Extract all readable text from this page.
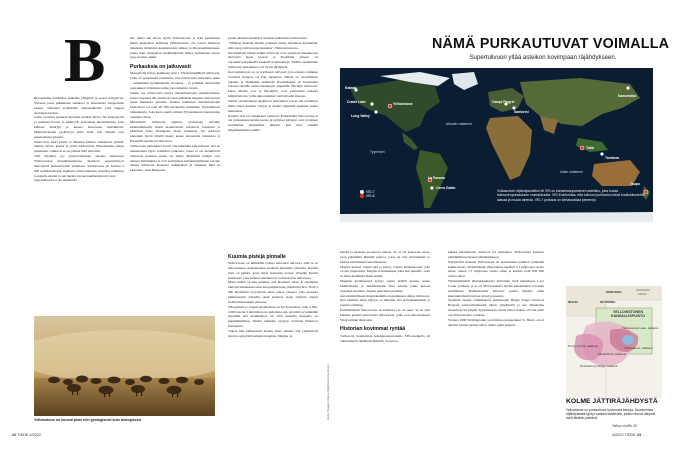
B

Bisonilauma tömistelee laakealla ylängöllä ja nostaa pölypilven. Vieressä jossa puhkutelee saukkoja ja maastamaa tamppaisten kanssa. Tuhannet syöksähtää vulkaapilkoitta, joka nappaa aterialiseen kalan.

Joelle on tullut juomaan myöskin ulokkin hirvia. Ne keskeytyvät ja asemaan koossa ja kääntyvät katsomaan biisonilaumaa, joka kulkasa mäntyjä ja kuusia kasvavaan metsikköön. Männyntoksulle pysähtyvyt pöllö aisiit, että biisonit ovat pakenemassa joistain.

Sitten maa alkaa järistä ja läheinen kuuluu voimakasta jylinää. Saukot, hirvet, korkat ja pöllöt karkottavat. Biisonilauma jatkaa juoksuaan, vaikka se ei ole päässä mitä tarkoitan.

Tätä näyttäisi, jos yhdysvaltalaisen alueella sijaitsevan Yellowstonen kansallispuistossa sijaitseva supertulivuori aktivoituisi purkautuvaksi uudelleen. Jouluvuoren pii hoitaisi 3 000 neliökilometriä laajuisen tulivuorialueen levittäisi tulikaaria ja uudella sijainti ja sen maalla vuoren kuumentaisi nyt vesi.

Supertulivuori ei ole tietenkään

tiet, mutta sen kuvaa hyvin Yellowstonen ja noin kymmenen muun maapallon aktiivisia jättitulivuoria. Ne voivat aiheuttaa tuhansien mittaisten keskikokoista tuhkaa ja ilmastonmuutoksen, jonka koko maapallon keskilämpötila laskee kymmenen asteen jopa vuosien ajaksi.

Purkauksia on jatkuvasti

Maapallolla löytyy kaikkiaan noin 1 350 maanpäällistä tulivuorta, joilla on potentiaalia purkautua. Osa tulivuorista purkautuu usein – esimerkiksi kymmenittäin vuodessa – ja joillakin tulivuorilla purkauksen väliaikana kuluu jopa tuhansia vuosia.

Suurin osa tulivuorista syntyy mannerlaattojen saumakohdissa, joissa toiseensa alle painuvat laatat päästävät magmaa tulivuorena maan sisuksista pinnalle. Kaiken kaikkiaan mannerlaattojen kivikohoja on noin 40 000 kilometrin mittaisilla Tyynenmeren tulirenkaalla. Joka kerta suurin piirtein Tyynenmeren mantereiden rannikkoviivaa.

Merenlaisia tulivuoria sijaitsee puolestaan Atlantin keskiselänteellä, missä mannerlaatat erkanevat toisistaan ja päästävät sulaa kiviainesta maan sisuksista. Ne purkavat kuitenkin hyvin lähellä maata kokee ainoastaan Islannissa ja Havaijilla sijaitsevat tulivuoret.

Tulivuorten purkaukset voivat olla kuitenkin niin tuhoisia, että ne tunnettaisiin myös sellaisista paikoista, joissa ei ole merkittäviä tulivuoria koskaan ennen ole nähty. Maailman tutkijat ovat tehneet tutkimuksia ja ovat selvittäneet kahdenkymmenen vuoden aikana tulivuoria koskevia tutkimuksia ja tutkineet mitä se tarkoittaa. Jussi Heinonen.

paalle tehneitä tietokirjaa Suomen muinaisista tulivuorista.

"Tällaisia hetkellä merien pohjassa lienee käynnissä kymmeniä, ellei satoja tulivuorenpurkauksia", Heinonen kertoo.

Nuorimmalla kaikki kaikki tulivuoret ovat syntyneet maankuoren siirtyessä maan kuoren ja litosfäärin yhteen, tai vajoamisvyöhykkeiltä keskellä kontinentteja. Tällöin useimmiten tulivuoren purkaukset ovat hyvin räjähtäviä.

Korvoamulvuori on se porttineen tulivuori, jota edustaa vaikkapa Vesuvius Italiassa tai Fuji Japanissa. Näissä on vuorimainen rakenne ja hiukkailla sisältävää kivennäisaine on kasautunut vuorten rinteille tulivuoriaukkojen ympärille. Havaijin tulivuoret, kuten Mauna Loa ja Havaijilla, ovat puolestaan laakeita kilpitulivuoria, joilla tuhoavammat vierivät kohti mereen.

Saman vuodenaikana tapahtuvat purkaukset voivat olla vaarallisia mutta myös kauniin valojen ja niiden ympärillä tapahtuu suuria muutoksia.

Kaldera taas on romahtanut tulivuori. Esimerkiksi Yellowstone ei ole purkautunut kolme kertaa ja nykyiset kalderat ovat syntyneet suurimman purkauksen jälkeen, kun maa romahti magmakammion päälle.

Kuumia pistejä pinnalle

Yellowstone on nimeltään todella erikoinen tulivuori, sillä se on muodostunut mannerlaatan keskelle kuumalle pisteelle. Kuuma piste on paikka, jossa maan sisuksista nousee ylöspäin kuuma kivimassa, joka sulattaa maankuorta ja muodostaa tulivuoren.

Maan sisällä on niin kuumaa, että kiviaines sulaa, ja sulamisen takia kiviaineksesta tulee kevyempää kuin ympäröivä kivi. Noin 3 000 kilometrin syvyydessä alkaa pakoa vaippaa, joka kuoresta kimmotautua ylöspäin. Alati painuvat laatat siirtyvät vaipan sisällä mantereiden jatkeena.

Ulkoytimen ja vaipan rajapinnassa on hyvin kuumaa, noin 3 000-4 000 astetta. Lämpötilan ero tarkoittaa sitä, että mitä syvemmälle mennään sitä kuumempaa on, sillä keskeltä maapallo on kuumimmillaan. Niiden kaikkien syntyyn tarvitaan liikkuvaa kiviainesta.

Vaipan läpi kulkiessaan kuuma aines sulattaa sitä ympäröivää kiveä ja synnyttää samalla magmaa. Magma on

Yellowstone on kuuma piste niin geologisesti kuin biologisesti.	Getty Images, Maria Fjällgren/Anna Rosin

kiveää ja kaasusta koostuvaa ainetta. Se ei ole kokonaan sulaa, vaan pikemmin kiinteää puuroa, jossa on sula kivennäinen ja kiinteä kivennäinen sekoittuneena.

Magma kohoaa vaipan läpi ja kertyy lopulta maankuoreen, joka on sen yläpuolella. Magma ei kuitenkaan jatka heti pinnalle, vaan se alkaa kerääntyä maan sisälle.

Magman kerääntyessä syntyy suuria määriä kaasua, kuten hiilidioksidia ja rikkidioksidia. Kun kaasun paine kasvaa tarpeeksi suureksi, magma purkautuu pinnalle.

Aina mahdollisuus magmakammio hajoamisesta uhkaa tulivuorta. Kun kammio alkaa täyttyä, se muuttuu yhä epävakaammaksi ja lopulta romahtaa.

Ensimmäisenä Yellowstone on kaldera ja se on suuri. Se on yksi kuumaa pistettä seuraavista tulivuorista, jotka ovat muodostuneet Yhdysvaltain länsiosiin.

Historian kovimmat ryntää

Tulivuoria luokitellaan kahdeksanportaisella VEI-asteikolla eli vulkaanisella räjähdysindeksillä. Se kertoo,

kuinka massiivisesti tulivuori voi purkautua. Yellowstone kykenee pahimmillaan täyteen kahdeksikkoon.

Nykytiedon mukaan Yellowstone on purkautunut kuumon ryminällä kolme kertaa. Ensimmäinen jättipurkaus tapahtui 2,1 miljoonaa vuotta sitten, toinen 1,3 miljoonaa vuotta sitten ja kolmas noin 630 000 vuotta sitten.

Viimeisimmästä jättipurkauksesta kävivätkö vielä kahdeksan. Lava Creek -purkaus, ja se oli VEI-asteikolla täyden kahdeksikon arvoinen suurilmasta. Räjähtäessään tulivuori syöksi ilmoille tuhat kuutiokilometriä laavaa, kiveä ja kaasuja.

Vertailun vuoksi, tammikuussa purkautunut Hunga Tonga -tulivuori Haapain saarivyöhykkeellä tuhosi ympäristöä ja sen aiheuttama tsunami levisi ympäri Tyynenmeren, mutta tuhon laajuus oli vain pieni osa Yellowstonen voimista.

Vuonna 1980 Washingtonin osavaltiossa purkautunut St. Helen -vuori aiheutti suuren luokan tuhoa, mutta sekin kalpeni.

NÄMÄ PURKAUTUVAT VOIMALLA
Supertulivuori yltää asteikon kovimpaan räjähdykseen.
Yellowstone
Crater Lake
Long Valley
Katmai
La Pacana
Cerro Galán
Campi Flegrei
Santorini
Toba
Tambora
Taupo
Kamchatka
Tyynimeri
Atlantin valtameri
Intian valtameri
VEI-7
VEI-8
Vulkaanisen räjähdysindeksi eli VEI on kahdeksanportainen asteikko, joka kuvaa tulivuorenpurkauksen voimakkuutta. VEI-8 tarkoittaa, että tulivuori purkautuu tuhat kuutiokilometriä laavaa ja muuta ainesta. VEI-7 purkaus on kertaluokkaa pienempi.
MONTANA
IDAHO	WYOMING
YELLOWSTONEN KANSALLISPUISTO
Yellowstone Lake -kaldera
Henry's Fork -kaldera
Island Park -kaldera
Yellowstone -kaldera
Huckleberry Ridge -kaldera
10 km
KOLME JÄTTIRÄJÄHDYSTÄ
Yellowstone on purkautunut hyvinmoni kertoja. Suurimmista räjähdyksistä syntyi valtavia kalderoita, joiden reunat näkyvät vielä tänäkin päivänä.
Jatkuu sivulla 24.
22 TIEDE 4/2022	4/2022 TIEDE 23
